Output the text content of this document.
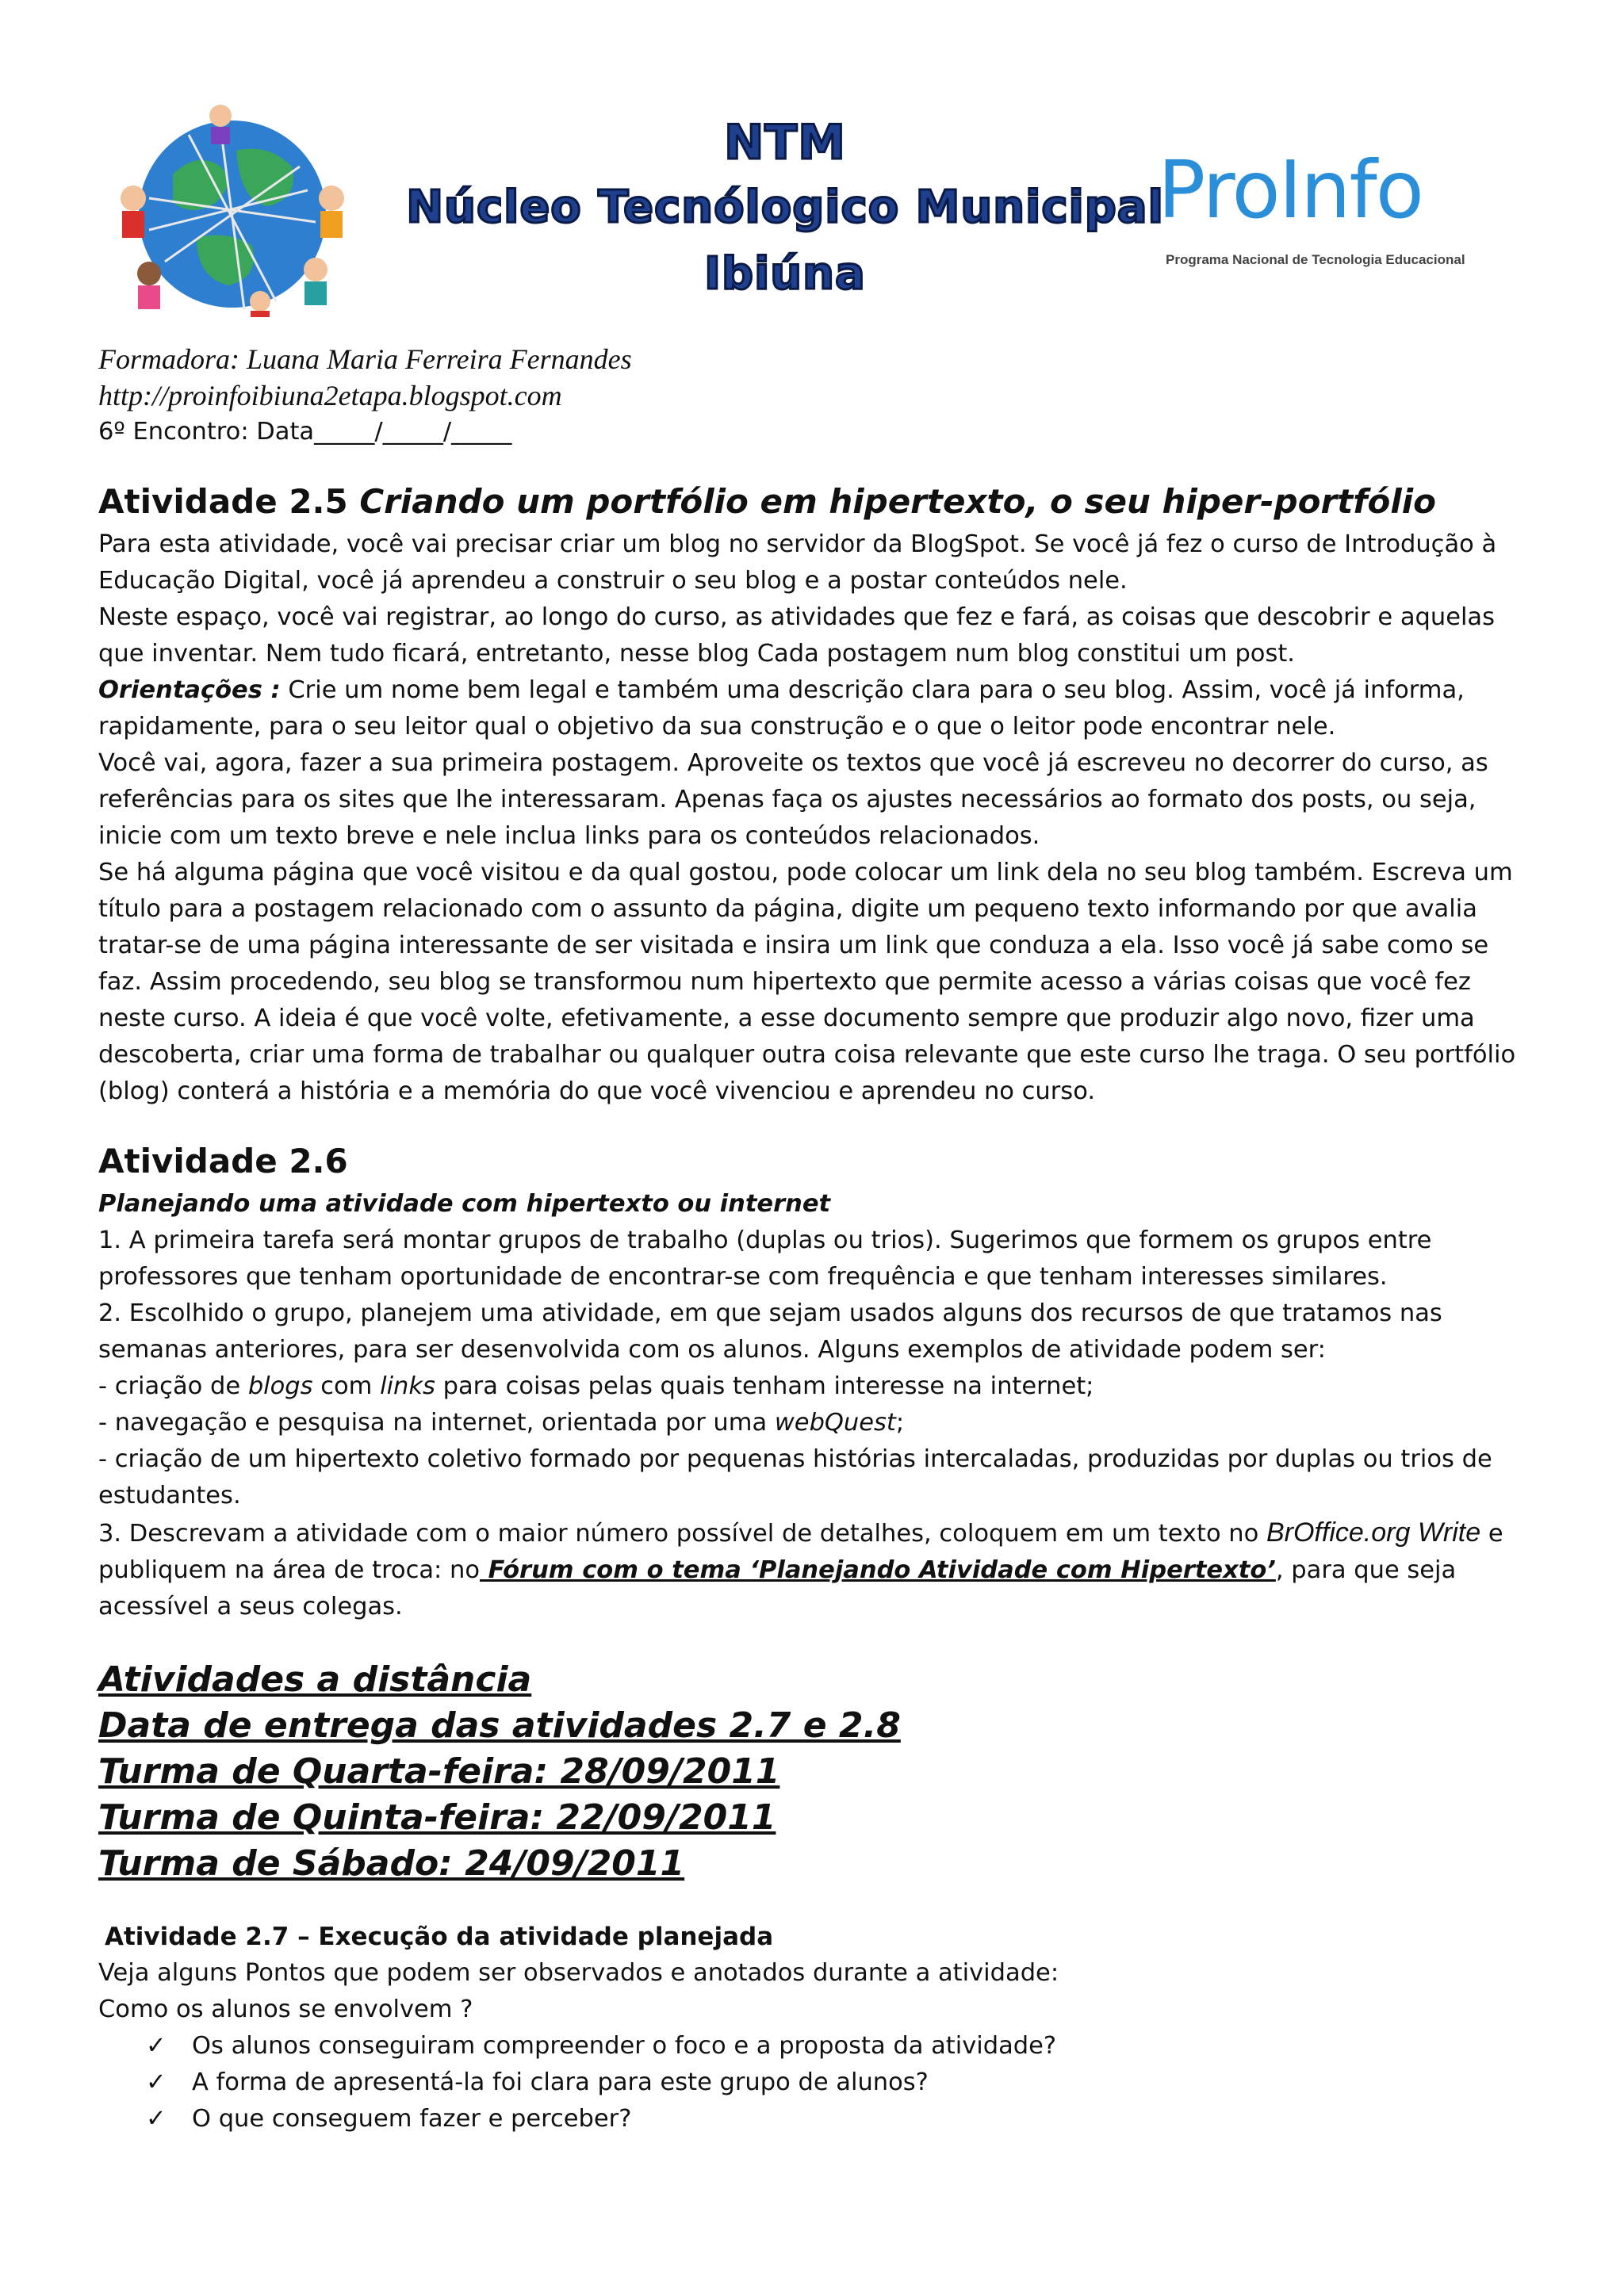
NTM
Núcleo Tecnólogico Municipal
Ibiúna
ProInfo
Programa Nacional de Tecnologia Educacional

Formadora: Luana Maria Ferreira Fernandes

http://proinfoibiuna2etapa.blogspot.com

6º Encontro: Data_____/_____/_____

Atividade 2.5 Criando um portfólio em hipertexto, o seu hiper-portfólio

Para esta atividade, você vai precisar criar um blog no servidor da BlogSpot. Se você já fez o curso de Introdução à Educação Digital, você já aprendeu a construir o seu blog e a postar conteúdos nele.

Neste espaço, você vai registrar, ao longo do curso, as atividades que fez e fará, as coisas que descobrir e aquelas que inventar. Nem tudo ficará, entretanto, nesse blog Cada postagem num blog constitui um post.

Orientações : Crie um nome bem legal e também uma descrição clara para o seu blog. Assim, você já informa, rapidamente, para o seu leitor qual o objetivo da sua construção e o que o leitor pode encontrar nele.

Você vai, agora, fazer a sua primeira postagem. Aproveite os textos que você já escreveu no decorrer do curso, as referências para os sites que lhe interessaram. Apenas faça os ajustes necessários ao formato dos posts, ou seja, inicie com um texto breve e nele inclua links para os conteúdos relacionados.

Se há alguma página que você visitou e da qual gostou, pode colocar um link dela no seu blog também. Escreva um título para a postagem relacionado com o assunto da página, digite um pequeno texto informando por que avalia tratar-se de uma página interessante de ser visitada e insira um link que conduza a ela. Isso você já sabe como se faz. Assim procedendo, seu blog se transformou num hipertexto que permite acesso a várias coisas que você fez neste curso. A ideia é que você volte, efetivamente, a esse documento sempre que produzir algo novo, fizer uma descoberta, criar uma forma de trabalhar ou qualquer outra coisa relevante que este curso lhe traga. O seu portfólio (blog) conterá a história e a memória do que você vivenciou e aprendeu no curso.

Atividade 2.6

Planejando uma atividade com hipertexto ou internet

1. A primeira tarefa será montar grupos de trabalho (duplas ou trios). Sugerimos que formem os grupos entre professores que tenham oportunidade de encontrar-se com frequência e que tenham interesses similares.

2. Escolhido o grupo, planejem uma atividade, em que sejam usados alguns dos recursos de que tratamos nas semanas anteriores, para ser desenvolvida com os alunos. Alguns exemplos de atividade podem ser:

- criação de blogs com links para coisas pelas quais tenham interesse na internet;

- navegação e pesquisa na internet, orientada por uma webQuest;

- criação de um hipertexto coletivo formado por pequenas histórias intercaladas, produzidas por duplas ou trios de estudantes.

3. Descrevam a atividade com o maior número possível de detalhes, coloquem em um texto no BrOffice.org Write e publiquem na área de troca: no Fórum com o tema ‘Planejando Atividade com Hipertexto’, para que seja acessível a seus colegas.

Atividades a distância
Data de entrega das atividades 2.7 e 2.8
Turma de Quarta-feira: 28/09/2011
Turma de Quinta-feira: 22/09/2011
Turma de Sábado: 24/09/2011
Atividade 2.7 – Execução da atividade planejada

Veja alguns Pontos que podem ser observados e anotados durante a atividade:

Como os alunos se envolvem ?

✓ Os alunos conseguiram compreender o foco e a proposta da atividade?
✓ A forma de apresentá-la foi clara para este grupo de alunos?
✓ O que conseguem fazer e perceber?
